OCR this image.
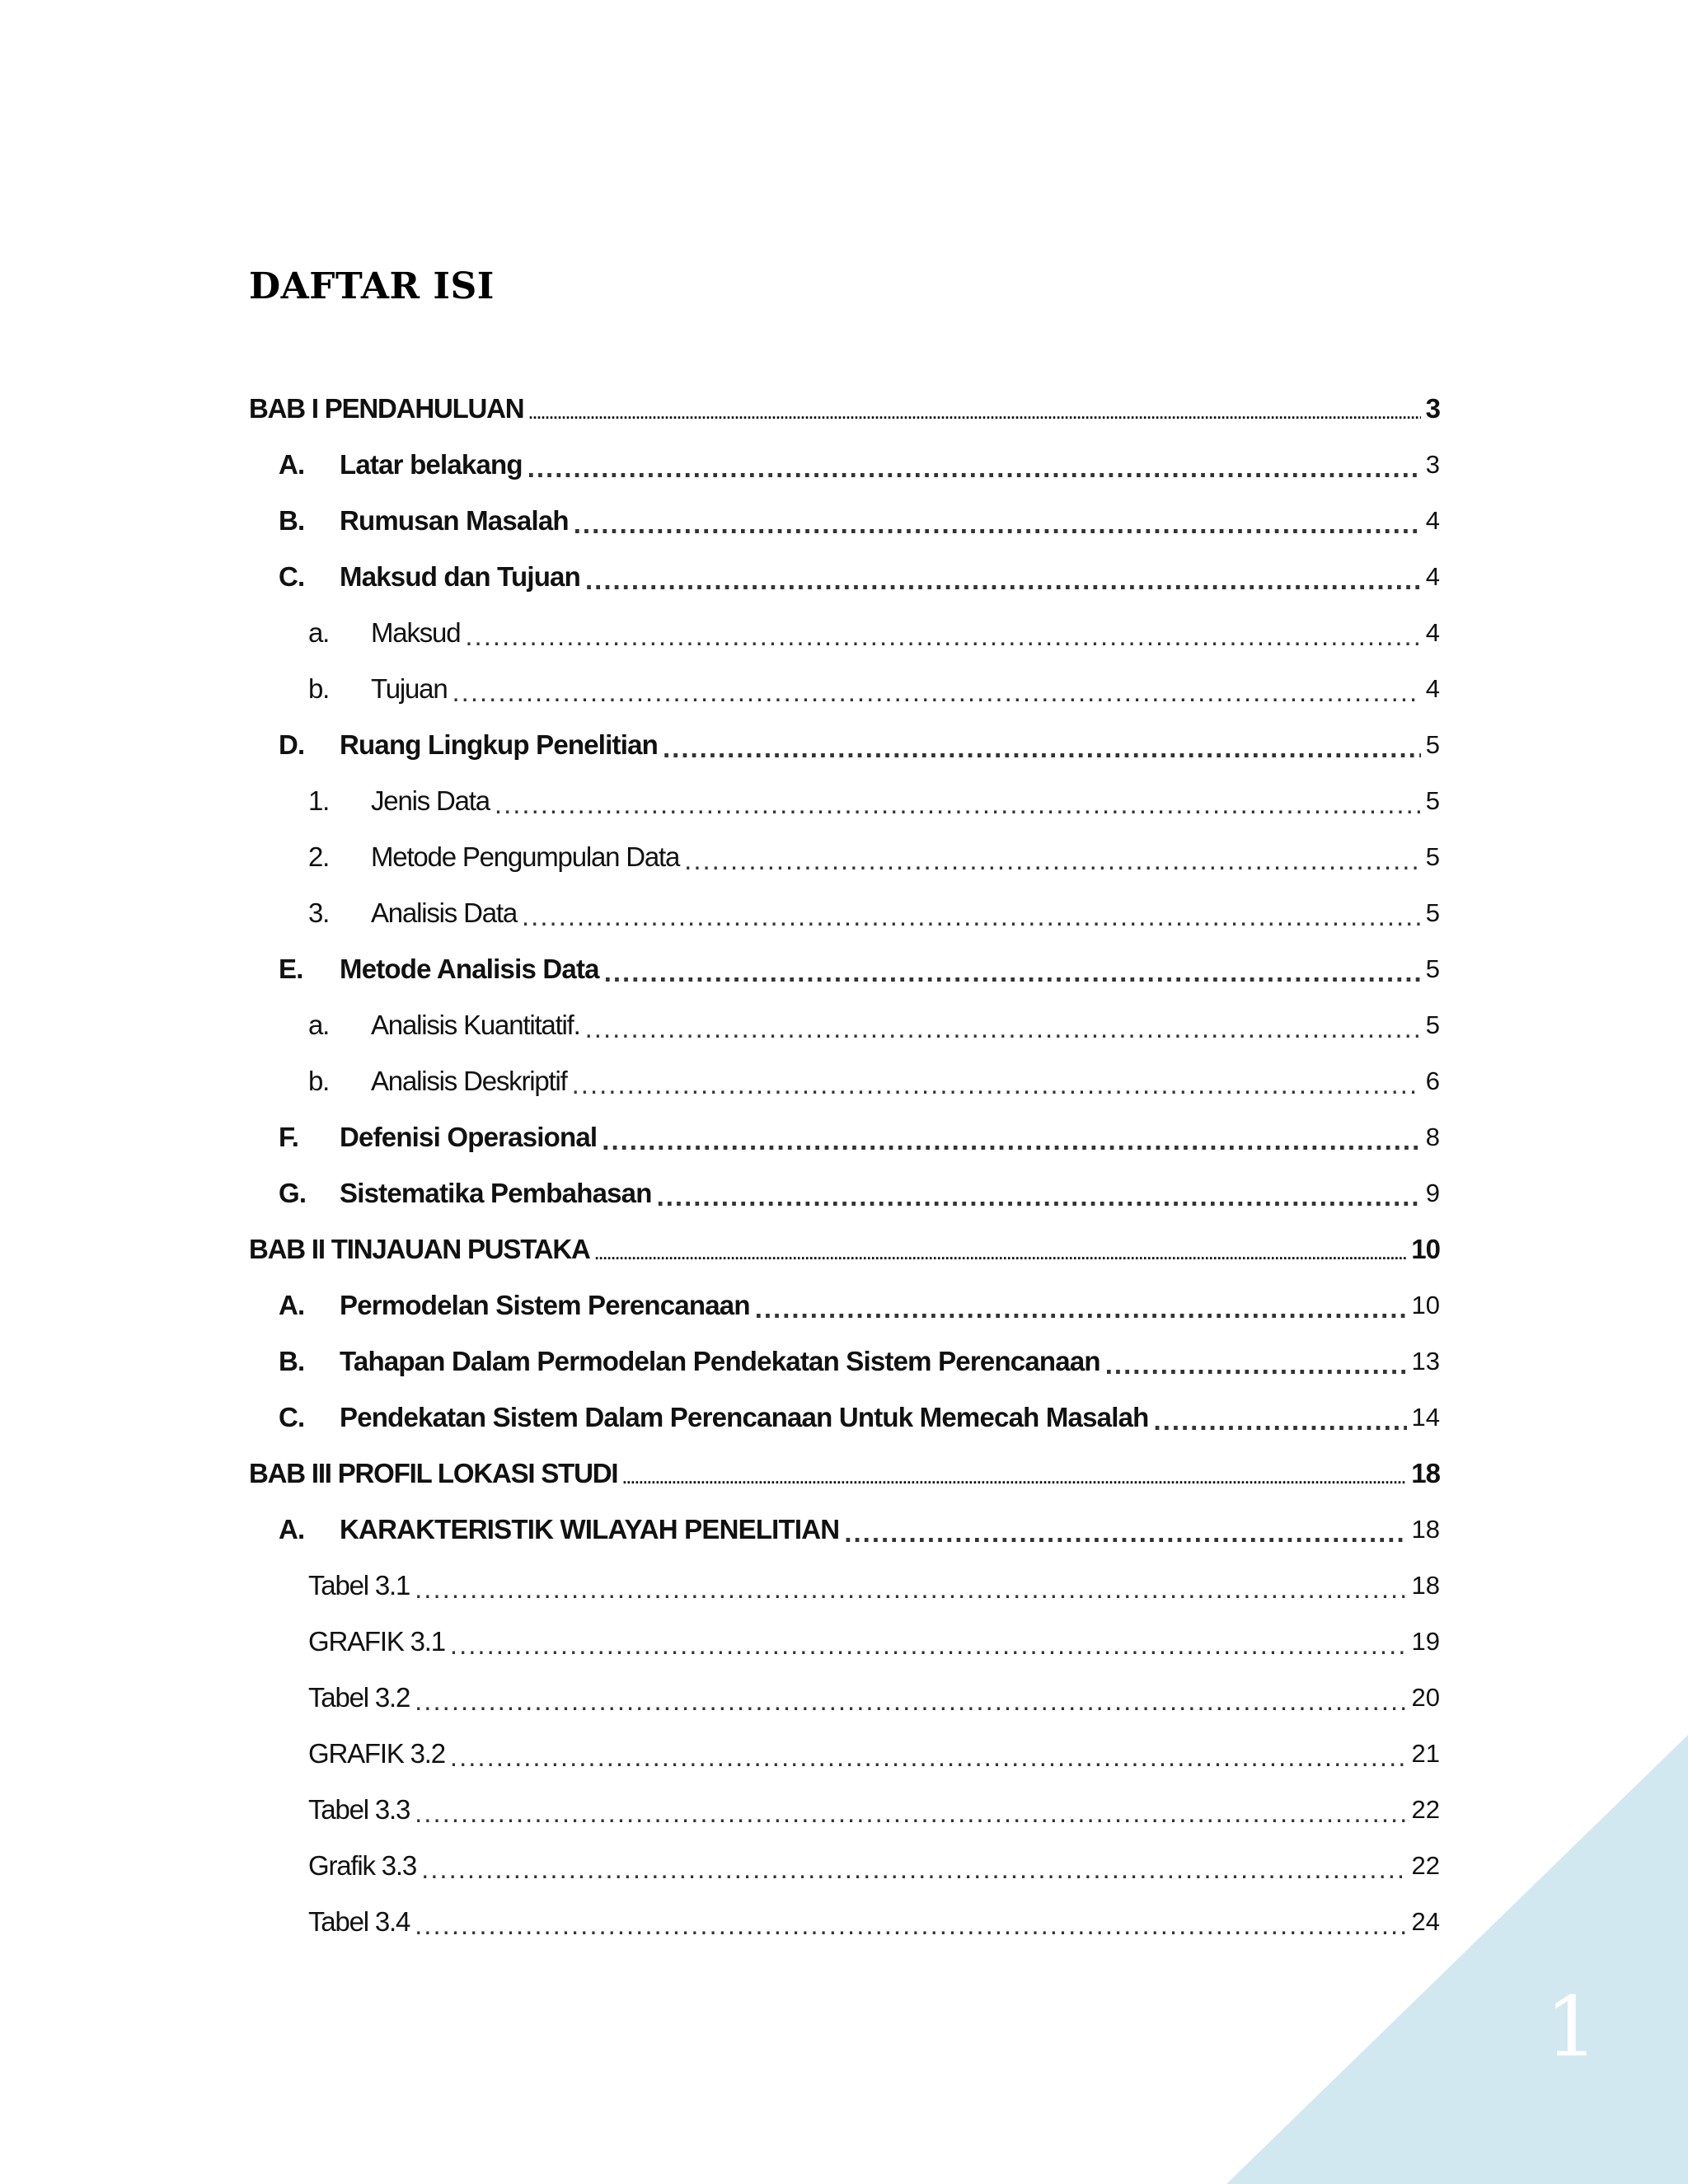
DAFTAR ISI
BAB I PENDAHULUAN .....	3
A.	Latar belakang .....	3
B.	Rumusan Masalah .....	4
C.	Maksud dan Tujuan .....	4
a.	Maksud .....	4
b.	Tujuan .....	4
D.	Ruang Lingkup Penelitian .....	5
1.	Jenis Data .....	5
2.	Metode Pengumpulan Data .....	5
3.	Analisis Data .....	5
E.	Metode Analisis Data .....	5
a.	Analisis Kuantitatif. .....	5
b.	Analisis Deskriptif .....	6
F.	Defenisi Operasional .....	8
G.	Sistematika Pembahasan .....	9
BAB II TINJAUAN PUSTAKA .....	10
A.	Permodelan Sistem Perencanaan .....	10
B.	Tahapan Dalam Permodelan Pendekatan Sistem Perencanaan .....	13
C.	Pendekatan Sistem Dalam Perencanaan Untuk Memecah Masalah .....	14
BAB III PROFIL LOKASI STUDI .....	18
A.	KARAKTERISTIK WILAYAH PENELITIAN .....	18
Tabel 3.1 .....	18
GRAFIK 3.1 .....	19
Tabel 3.2 .....	20
GRAFIK 3.2 .....	21
Tabel 3.3 .....	22
Grafik 3.3 .....	22
Tabel 3.4 .....	24
1
